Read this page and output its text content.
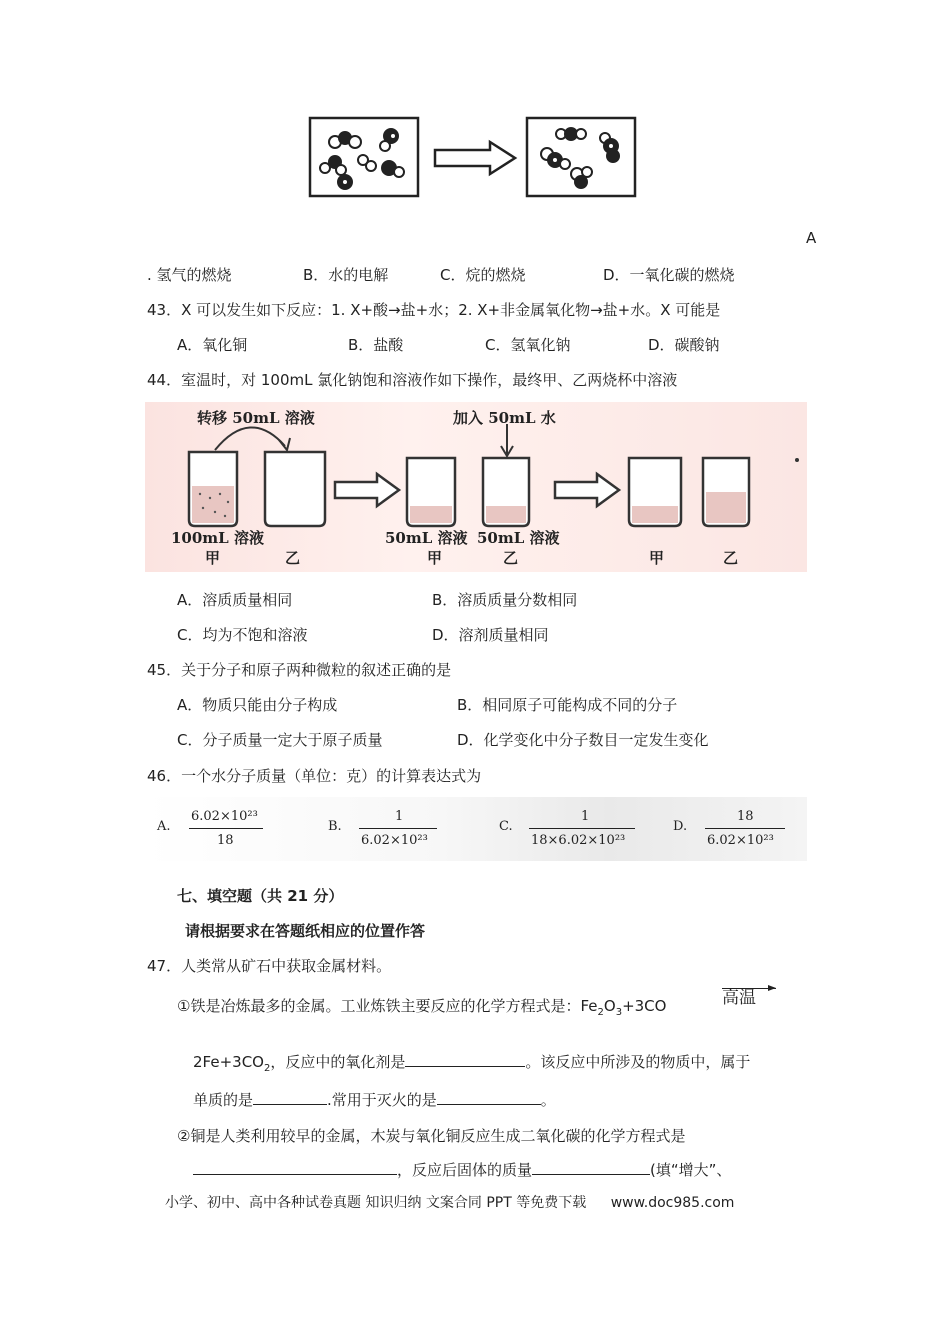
A
. 氢气的燃烧	B．水的电解	C．烷的燃烧	D．一氧化碳的燃烧
43．X 可以发生如下反应：1. X+酸→盐+水；2. X+非金属氧化物→盐+水。X 可能是
A．氧化铜	B．盐酸	C．氢氧化钠	D．碳酸钠
44．室温时，对 100mL 氯化钠饱和溶液作如下操作，最终甲、乙两烧杯中溶液
转移 50mL 溶液	加入 50mL 水
100mL 溶液	50mL 溶液 50mL 溶液
甲	乙	甲	乙	甲	乙
A．溶质质量相同	B．溶质质量分数相同
C．均为不饱和溶液	D．溶剂质量相同
45．关于分子和原子两种微粒的叙述正确的是
A．物质只能由分子构成	B．相同原子可能构成不同的分子
C．分子质量一定大于原子质量	D．化学变化中分子数目一定发生变化
46．一个水分子质量（单位：克）的计算表达式为
A.
6.02×10²³
18
B.
1
6.02×10²³
C.
1
18×6.02×10²³
D.
18
6.02×10²³
七、填空题（共 21 分）
请根据要求在答题纸相应的位置作答
47．人类常从矿石中获取金属材料。
①铁是冶炼最多的金属。工业炼铁主要反应的化学方程式是：$Fe_2O_3+3CO$	高温
$2Fe+3CO_2$，反应中的氧化剂是	。该反应中所涉及的物质中，属于
单质的是	.常用于灭火的是	。
②铜是人类利用较早的金属，木炭与氧化铜反应生成二氧化碳的化学方程式是
，反应后固体的质量	(填“增大”、
小学、初中、高中各种试卷真题 知识归纳 文案合同 PPT 等免费下载 www.doc985.com
